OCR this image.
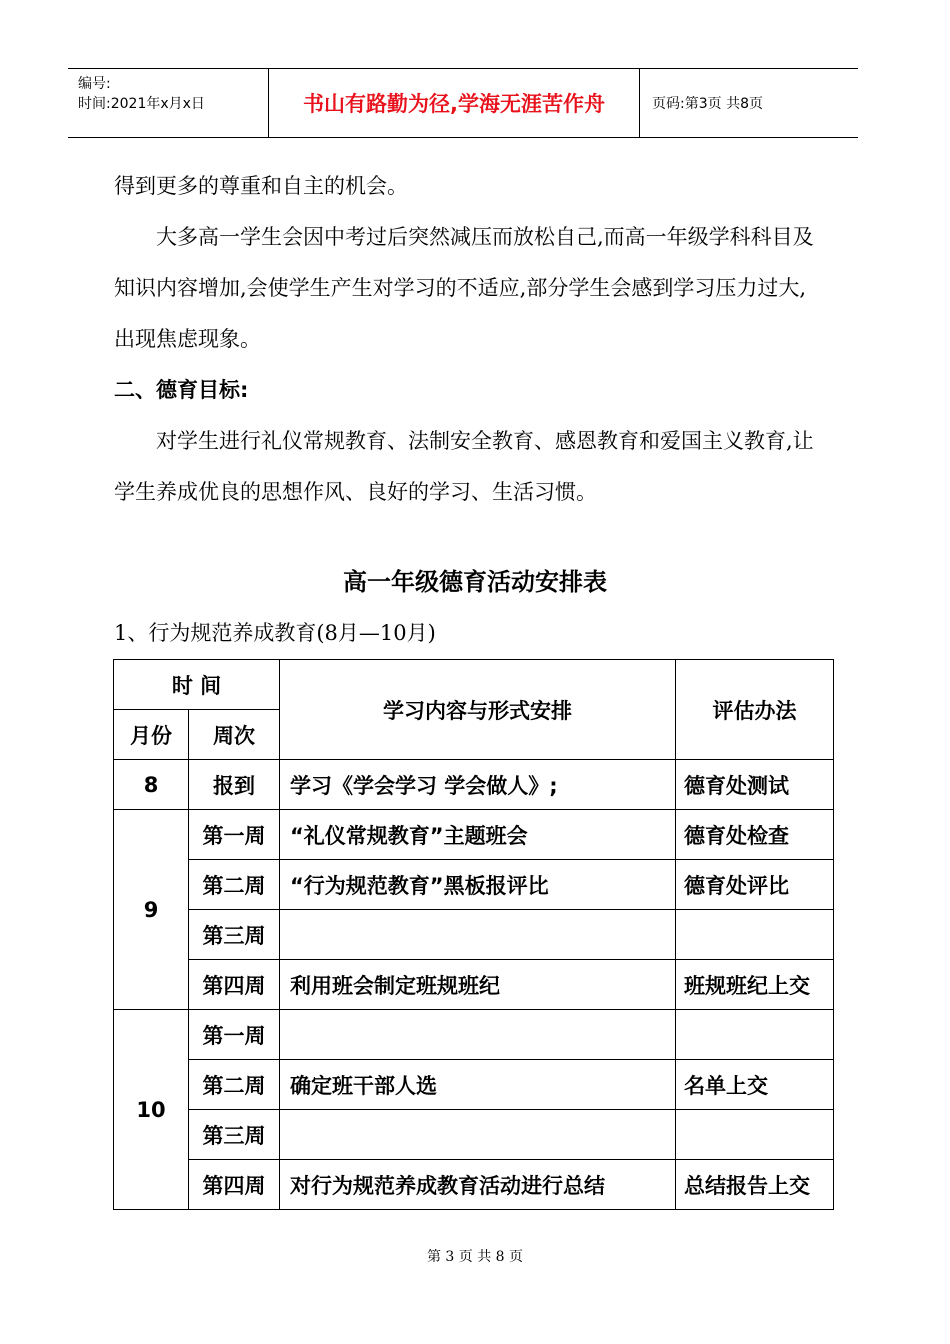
编号:
时间:2021年x月x日	书山有路勤为径,学海无涯苦作舟	页码:第3页 共8页

得到更多的尊重和自主的机会。

大多高一学生会因中考过后突然减压而放松自己,而高一年级学科科目及知识内容增加,会使学生产生对学习的不适应,部分学生会感到学习压力过大,出现焦虑现象。

二、德育目标:

对学生进行礼仪常规教育、法制安全教育、感恩教育和爱国主义教育,让学生养成优良的思想作风、良好的学习、生活习惯。

高一年级德育活动安排表
1、行为规范养成教育(8月—10月)
时 间		学习内容与形式安排	评估办法
月份	周次		
8	报到	学习《学会学习 学会做人》;	德育处测试
9	第一周	“礼仪常规教育”主题班会	德育处检查
	第二周	“行为规范教育”黑板报评比	德育处评比
	第三周		
	第四周	利用班会制定班规班纪	班规班纪上交
10	第一周		
	第二周	确定班干部人选	名单上交
	第三周		
	第四周	对行为规范养成教育活动进行总结	总结报告上交
第 3 页 共 8 页
